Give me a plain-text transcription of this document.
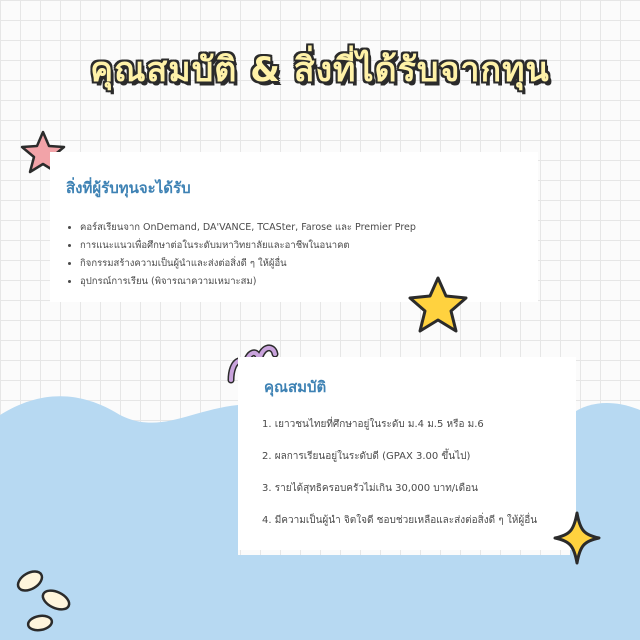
คุณสมบัติ & สิ่งที่ได้รับจากทุน
สิ่งที่ผู้รับทุนจะได้รับ
• คอร์สเรียนจาก OnDemand, DA'VANCE, TCASter, Farose และ Premier Prep
• การแนะแนวเพื่อศึกษาต่อในระดับมหาวิทยาลัยและอาชีพในอนาคต
• กิจกรรมสร้างความเป็นผู้นำและส่งต่อสิ่งดี ๆ ให้ผู้อื่น
• อุปกรณ์การเรียน (พิจารณาความเหมาะสม)
คุณสมบัติ
1. เยาวชนไทยที่ศึกษาอยู่ในระดับ ม.4 ม.5 หรือ ม.6
2. ผลการเรียนอยู่ในระดับดี (GPAX 3.00 ขึ้นไป)
3. รายได้สุทธิครอบครัวไม่เกิน 30,000 บาท/เดือน
4. มีความเป็นผู้นำ จิตใจดี ชอบช่วยเหลือและส่งต่อสิ่งดี ๆ ให้ผู้อื่น
